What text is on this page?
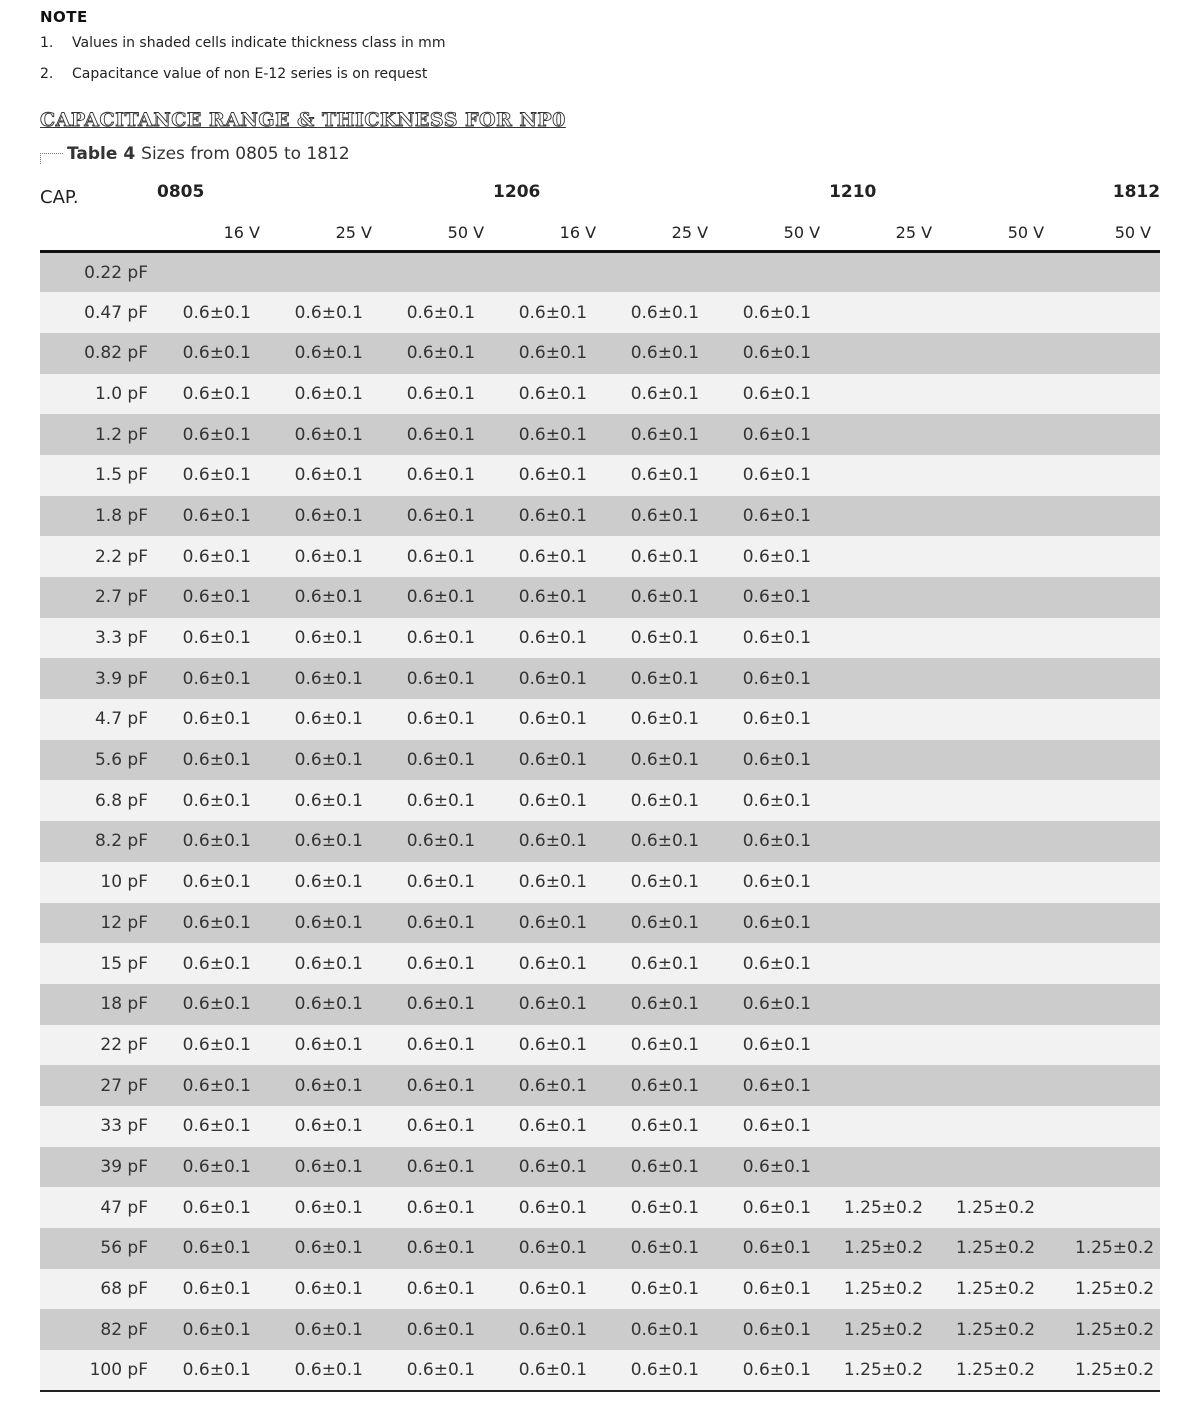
NOTE
1. Values in shaded cells indicate thickness class in mm
2. Capacitance value of non E-12 series is on request
CAPACITANCE RANGE & THICKNESS FOR NP0
Table 4 Sizes from 0805 to 1812
CAP.	0805			1206			1210		1812
	16 V	25 V	50 V	16 V	25 V	50 V	25 V	50 V	50 V
0.22 pF									
0.47 pF	0.6±0.1	0.6±0.1	0.6±0.1	0.6±0.1	0.6±0.1	0.6±0.1			
0.82 pF	0.6±0.1	0.6±0.1	0.6±0.1	0.6±0.1	0.6±0.1	0.6±0.1			
1.0 pF	0.6±0.1	0.6±0.1	0.6±0.1	0.6±0.1	0.6±0.1	0.6±0.1			
1.2 pF	0.6±0.1	0.6±0.1	0.6±0.1	0.6±0.1	0.6±0.1	0.6±0.1			
1.5 pF	0.6±0.1	0.6±0.1	0.6±0.1	0.6±0.1	0.6±0.1	0.6±0.1			
1.8 pF	0.6±0.1	0.6±0.1	0.6±0.1	0.6±0.1	0.6±0.1	0.6±0.1			
2.2 pF	0.6±0.1	0.6±0.1	0.6±0.1	0.6±0.1	0.6±0.1	0.6±0.1			
2.7 pF	0.6±0.1	0.6±0.1	0.6±0.1	0.6±0.1	0.6±0.1	0.6±0.1			
3.3 pF	0.6±0.1	0.6±0.1	0.6±0.1	0.6±0.1	0.6±0.1	0.6±0.1			
3.9 pF	0.6±0.1	0.6±0.1	0.6±0.1	0.6±0.1	0.6±0.1	0.6±0.1			
4.7 pF	0.6±0.1	0.6±0.1	0.6±0.1	0.6±0.1	0.6±0.1	0.6±0.1			
5.6 pF	0.6±0.1	0.6±0.1	0.6±0.1	0.6±0.1	0.6±0.1	0.6±0.1			
6.8 pF	0.6±0.1	0.6±0.1	0.6±0.1	0.6±0.1	0.6±0.1	0.6±0.1			
8.2 pF	0.6±0.1	0.6±0.1	0.6±0.1	0.6±0.1	0.6±0.1	0.6±0.1			
10 pF	0.6±0.1	0.6±0.1	0.6±0.1	0.6±0.1	0.6±0.1	0.6±0.1			
12 pF	0.6±0.1	0.6±0.1	0.6±0.1	0.6±0.1	0.6±0.1	0.6±0.1			
15 pF	0.6±0.1	0.6±0.1	0.6±0.1	0.6±0.1	0.6±0.1	0.6±0.1			
18 pF	0.6±0.1	0.6±0.1	0.6±0.1	0.6±0.1	0.6±0.1	0.6±0.1			
22 pF	0.6±0.1	0.6±0.1	0.6±0.1	0.6±0.1	0.6±0.1	0.6±0.1			
27 pF	0.6±0.1	0.6±0.1	0.6±0.1	0.6±0.1	0.6±0.1	0.6±0.1			
33 pF	0.6±0.1	0.6±0.1	0.6±0.1	0.6±0.1	0.6±0.1	0.6±0.1			
39 pF	0.6±0.1	0.6±0.1	0.6±0.1	0.6±0.1	0.6±0.1	0.6±0.1			
47 pF	0.6±0.1	0.6±0.1	0.6±0.1	0.6±0.1	0.6±0.1	0.6±0.1	1.25±0.2	1.25±0.2	
56 pF	0.6±0.1	0.6±0.1	0.6±0.1	0.6±0.1	0.6±0.1	0.6±0.1	1.25±0.2	1.25±0.2	1.25±0.2
68 pF	0.6±0.1	0.6±0.1	0.6±0.1	0.6±0.1	0.6±0.1	0.6±0.1	1.25±0.2	1.25±0.2	1.25±0.2
82 pF	0.6±0.1	0.6±0.1	0.6±0.1	0.6±0.1	0.6±0.1	0.6±0.1	1.25±0.2	1.25±0.2	1.25±0.2
100 pF	0.6±0.1	0.6±0.1	0.6±0.1	0.6±0.1	0.6±0.1	0.6±0.1	1.25±0.2	1.25±0.2	1.25±0.2
